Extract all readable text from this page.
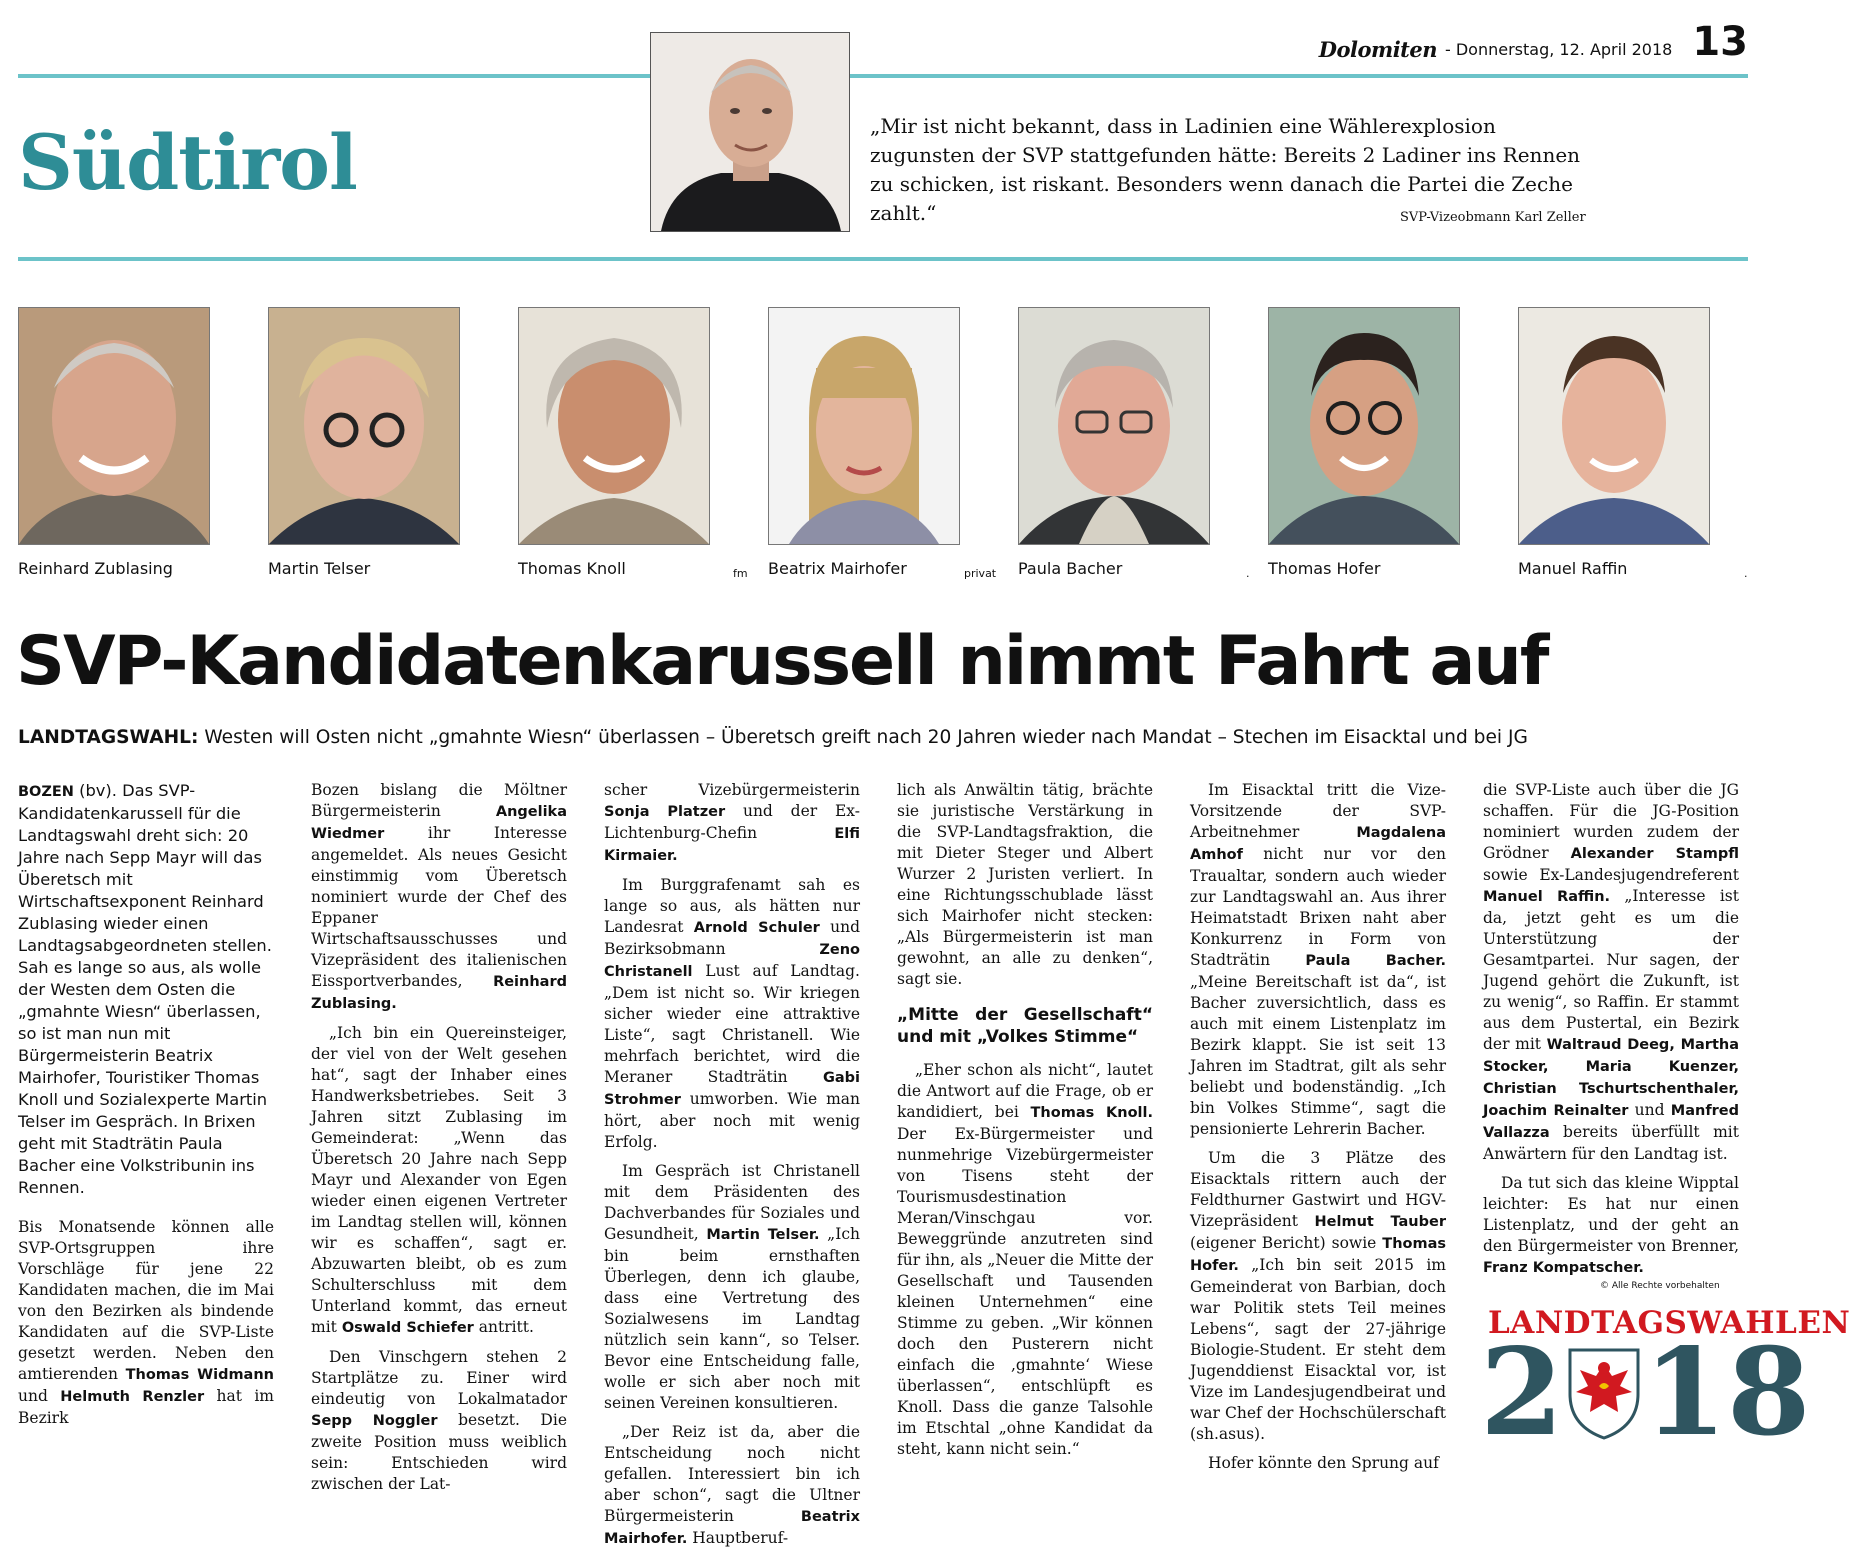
Dolomiten - Donnerstag, 12. April 2018 13
Südtirol	„Mir ist nicht bekannt, dass in Ladinien eine Wählerexplosion zugunsten der SVP stattgefunden hätte: Bereits 2 Ladiner ins Rennen zu schicken, ist riskant. Besonders wenn danach die Partei die Zeche zahlt.“	SVP-Vizeobmann Karl Zeller
Reinhard Zublasing	Martin Telser	Thomas Knoll	Beatrix Mairhofer	Paula Bacher	Thomas Hofer	Manuel Raffin
fm	privat	.	.
SVP-Kandidatenkarussell nimmt Fahrt auf
LANDTAGSWAHL: Westen will Osten nicht „gmahnte Wiesn“ überlassen – Überetsch greift nach 20 Jahren wieder nach Mandat – Stechen im Eisacktal und bei JG

BOZEN (bv). Das SVP-Kandidatenkarussell für die Landtagswahl dreht sich: 20 Jahre nach Sepp Mayr will das Überetsch mit Wirtschaftsexponent Reinhard Zublasing wieder einen Landtagsabgeordneten stellen. Sah es lange so aus, als wolle der Westen dem Osten die „gmahnte Wiesn“ überlassen, so ist man nun mit Bürgermeisterin Beatrix Mairhofer, Touristiker Thomas Knoll und Sozialexperte Martin Telser im Gespräch. In Brixen geht mit Stadträtin Paula Bacher eine Volkstribunin ins Rennen.

Bis Monatsende können alle SVP-Ortsgruppen ihre Vorschläge für jene 22 Kandidaten machen, die im Mai von den Bezirken als bindende Kandidaten auf die SVP-Liste gesetzt werden. Neben den amtierenden Thomas Widmann und Helmuth Renzler hat im Bezirk

Bozen bislang die Möltner Bürgermeisterin Angelika Wiedmer ihr Interesse angemeldet. Als neues Gesicht einstimmig vom Überetsch nominiert wurde der Chef des Eppaner Wirtschaftsausschusses und Vizepräsident des italienischen Eissportverbandes, Reinhard Zublasing.

„Ich bin ein Quereinsteiger, der viel von der Welt gesehen hat“, sagt der Inhaber eines Handwerksbetriebes. Seit 3 Jahren sitzt Zublasing im Gemeinderat: „Wenn das Überetsch 20 Jahre nach Sepp Mayr und Alexander von Egen wieder einen eigenen Vertreter im Landtag stellen will, können wir es schaffen“, sagt er. Abzuwarten bleibt, ob es zum Schulterschluss mit dem Unterland kommt, das erneut mit Oswald Schiefer antritt.

Den Vinschgern stehen 2 Startplätze zu. Einer wird eindeutig von Lokalmatador Sepp Noggler besetzt. Die zweite Position muss weiblich sein: Entschieden wird zwischen der Lat-

scher Vizebürgermeisterin Sonja Platzer und der Ex-Lichtenburg-Chefin Elfi Kirmaier.

Im Burggrafenamt sah es lange so aus, als hätten nur Landesrat Arnold Schuler und Bezirksobmann Zeno Christanell Lust auf Landtag. „Dem ist nicht so. Wir kriegen sicher wieder eine attraktive Liste“, sagt Christanell. Wie mehrfach berichtet, wird die Meraner Stadträtin Gabi Strohmer umworben. Wie man hört, aber noch mit wenig Erfolg.

Im Gespräch ist Christanell mit dem Präsidenten des Dachverbandes für Soziales und Gesundheit, Martin Telser. „Ich bin beim ernsthaften Überlegen, denn ich glaube, dass eine Vertretung des Sozialwesens im Landtag nützlich sein kann“, so Telser. Bevor eine Entscheidung falle, wolle er sich aber noch mit seinen Vereinen konsultieren.

„Der Reiz ist da, aber die Entscheidung noch nicht gefallen. Interessiert bin ich aber schon“, sagt die Ultner Bürgermeisterin Beatrix Mairhofer. Hauptberuf-

lich als Anwältin tätig, brächte sie juristische Verstärkung in die SVP-Landtagsfraktion, die mit Dieter Steger und Albert Wurzer 2 Juristen verliert. In eine Richtungsschublade lässt sich Mairhofer nicht stecken: „Als Bürgermeisterin ist man gewohnt, an alle zu denken“, sagt sie.

„Mitte der Gesellschaft“ und mit „Volkes Stimme“

„Eher schon als nicht“, lautet die Antwort auf die Frage, ob er kandidiert, bei Thomas Knoll. Der Ex-Bürgermeister und nunmehrige Vizebürgermeister von Tisens steht der Tourismusdestination Meran/Vinschgau vor. Beweggründe anzutreten sind für ihn, als „Neuer die Mitte der Gesellschaft und Tausenden kleinen Unternehmen“ eine Stimme zu geben. „Wir können doch den Pusterern nicht einfach die ‚gmahnte‘ Wiese überlassen“, entschlüpft es Knoll. Dass die ganze Talsohle im Etschtal „ohne Kandidat da steht, kann nicht sein.“

Im Eisacktal tritt die Vize-Vorsitzende der SVP-Arbeitnehmer Magdalena Amhof nicht nur vor den Traualtar, sondern auch wieder zur Landtagswahl an. Aus ihrer Heimatstadt Brixen naht aber Konkurrenz in Form von Stadträtin Paula Bacher. „Meine Bereitschaft ist da“, ist Bacher zuversichtlich, dass es auch mit einem Listenplatz im Bezirk klappt. Sie ist seit 13 Jahren im Stadtrat, gilt als sehr beliebt und bodenständig. „Ich bin Volkes Stimme“, sagt die pensionierte Lehrerin Bacher.

Um die 3 Plätze des Eisacktals rittern auch der Feldthurner Gastwirt und HGV-Vizepräsident Helmut Tauber (eigener Bericht) sowie Thomas Hofer. „Ich bin seit 2015 im Gemeinderat von Barbian, doch war Politik stets Teil meines Lebens“, sagt der 27-jährige Biologie-Student. Er steht dem Jugenddienst Eisacktal vor, ist Vize im Landesjugendbeirat und war Chef der Hochschülerschaft (sh.asus).

Hofer könnte den Sprung auf

die SVP-Liste auch über die JG schaffen. Für die JG-Position nominiert wurden zudem der Grödner Alexander Stampfl sowie Ex-Landesjugendreferent Manuel Raffin. „Interesse ist da, jetzt geht es um die Unterstützung der Gesamtpartei. Nur sagen, der Jugend gehört die Zukunft, ist zu wenig“, so Raffin. Er stammt aus dem Pustertal, ein Bezirk der mit Waltraud Deeg, Martha Stocker, Maria Kuenzer, Christian Tschurtschenthaler, Joachim Reinalter und Manfred Vallazza bereits überfüllt mit Anwärtern für den Landtag ist.

Da tut sich das kleine Wipptal leichter: Es hat nur einen Listenplatz, und der geht an den Bürgermeister von Brenner, Franz Kompatscher.

© Alle Rechte vorbehalten
LANDTAGSWAHLEN
2 18
